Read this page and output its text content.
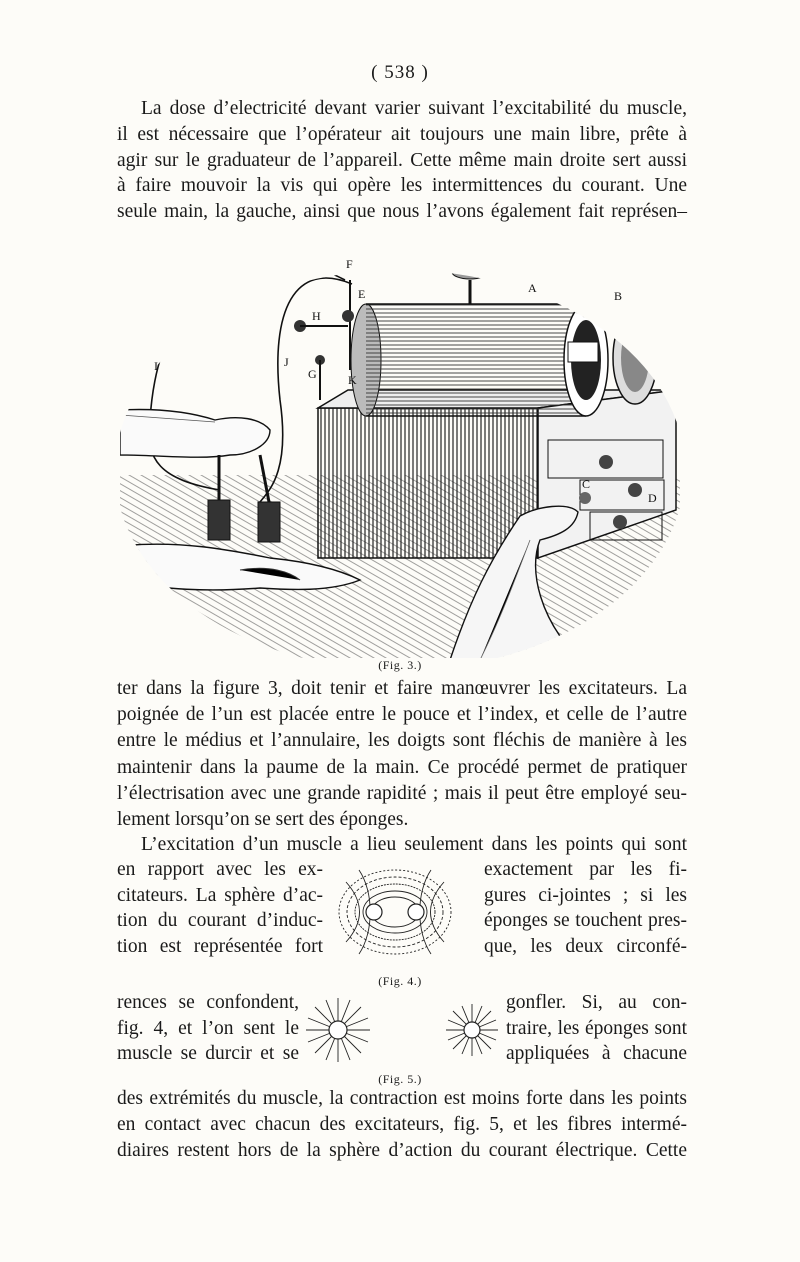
( 538 )
La dose d’electricité devant varier suivant l’excitabilité du muscle,
il est nécessaire que l’opérateur ait toujours une main libre, prête à
agir sur le graduateur de l’appareil. Cette même main droite sert aussi
à faire mouvoir la vis qui opère les intermittences du courant. Une
seule main, la gauche, ainsi que nous l’avons également fait représen–
F
E
H
J
G	K
I
A
B
C
D
(Fig. 3.)
ter dans la figure 3, doit tenir et faire manœuvrer les excitateurs. La
poignée de l’un est placée entre le pouce et l’index, et celle de l’autre
entre le médius et l’annulaire, les doigts sont fléchis de manière à les
maintenir dans la paume de la main. Ce procédé permet de pratiquer
l’électrisation avec une grande rapidité ; mais il peut être employé seu-
lement lorsqu’on se sert des éponges.
L’excitation d’un muscle a lieu seulement dans les points qui sont
en rapport avec les ex-
citateurs. La sphère d’ac-
tion du courant d’induc-
tion est représentée fort
exactement par les fi-
gures ci-jointes ; si les
éponges se touchent pres-
que, les deux circonfé-
(Fig. 4.)
rences se confondent,
fig. 4, et l’on sent le
muscle se durcir et se
gonfler. Si, au con-
traire, les éponges sont
appliquées à chacune
(Fig. 5.)
des extrémités du muscle, la contraction est moins forte dans les points
en contact avec chacun des excitateurs, fig. 5, et les fibres intermé-
diaires restent hors de la sphère d’action du courant électrique. Cette
